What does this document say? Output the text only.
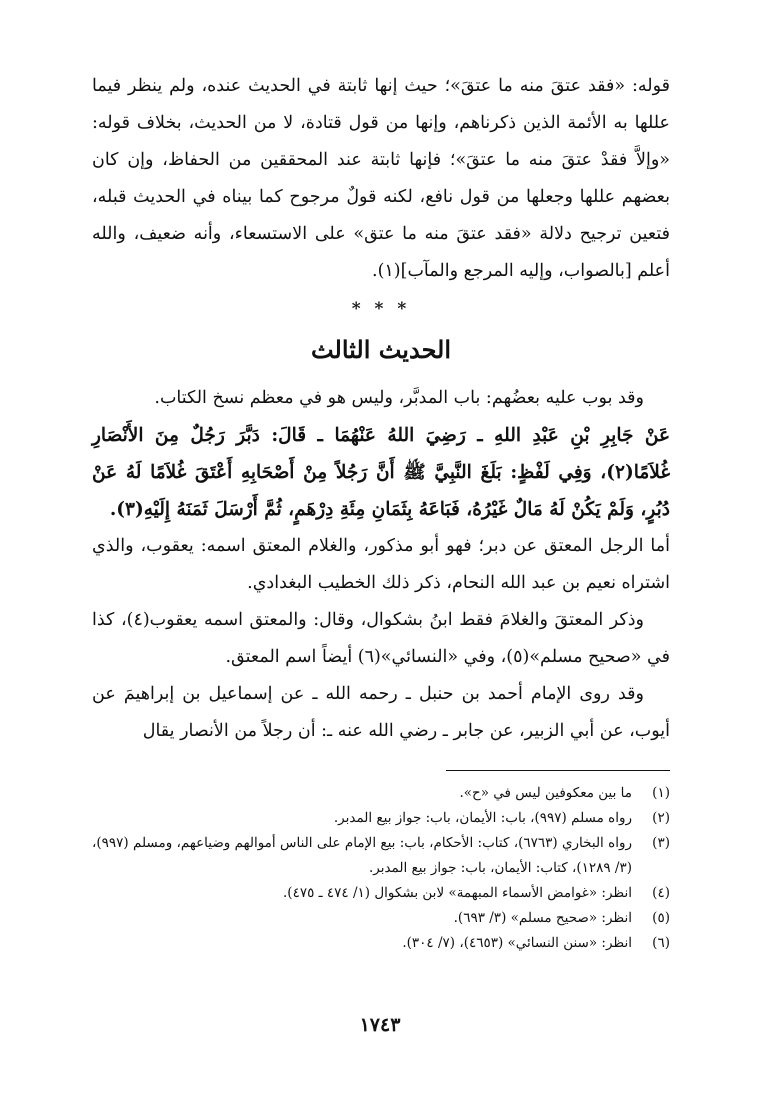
قوله: «فقد عتقَ منه ما عتقَ»؛ حيث إنها ثابتة في الحديث عنده، ولم ينظر فيما عللها به الأئمة الذين ذكرناهم، وإنها من قول قتادة، لا من الحديث، بخلاف قوله: «وإلاَّ فقدْ عتقَ منه ما عتقَ»؛ فإنها ثابتة عند المحققين من الحفاظ، وإن كان بعضهم عللها وجعلها من قول نافع، لكنه قولٌ مرجوح كما بيناه في الحديث قبله، فتعين ترجيح دلالة «فقد عتقَ منه ما عتق» على الاستسعاء، وأنه ضعيف، والله أعلم [بالصواب، وإليه المرجع والمآب](١).

* * *
الحديث الثالث

وقد بوب عليه بعضُهم: باب المدبَّر، وليس هو في معظم نسخ الكتاب.

عَنْ جَابِرِ بْنِ عَبْدِ اللهِ ـ رَضِيَ اللهُ عَنْهُمَا ـ قَالَ: دَبَّرَ رَجُلٌ مِنَ الأَنْصَارِ غُلاَمًا(٢)، وَفِي لَفْظٍ: بَلَغَ النَّبِيَّ ﷺ أَنَّ رَجُلاً مِنْ أَصْحَابِهِ أَعْتَقَ غُلاَمًا لَهُ عَنْ دُبُرٍ، وَلَمْ يَكُنْ لَهُ مَالٌ غَيْرُهُ، فَبَاعَهُ بِثَمَانِ مِئَةِ دِرْهَمٍ، ثُمَّ أَرْسَلَ ثَمَنَهُ إِلَيْهِ(٣).

أما الرجل المعتق عن دبر؛ فهو أبو مذكور، والغلام المعتق اسمه: يعقوب، والذي اشتراه نعيم بن عبد الله النحام، ذكر ذلك الخطيب البغدادي.

وذكر المعتقَ والغلامَ فقط ابنُ بشكوال، وقال: والمعتق اسمه يعقوب(٤)، كذا في «صحيح مسلم»(٥)، وفي «النسائي»(٦) أيضاً اسم المعتق.

وقد روى الإمام أحمد بن حنبل ـ رحمه الله ـ عن إسماعيل بن إبراهيمَ عن أيوب، عن أبي الزبير، عن جابر ـ رضي الله عنه ـ: أن رجلاً من الأنصار يقال

(١)
ما بين معكوفين ليس في «ح».
(٢)
رواه مسلم (٩٩٧)، باب: الأيمان، باب: جواز بيع المدبر.
(٣)
رواه البخاري (٦٧٦٣)، كتاب: الأحكام، باب: بيع الإمام على الناس أموالهم وضياعهم، ومسلم (٩٩٧)، (٣/ ١٢٨٩)، كتاب: الأيمان، باب: جواز بيع المدبر.
(٤)
انظر: «غوامض الأسماء المبهمة» لابن بشكوال (١/ ٤٧٤ ـ ٤٧٥).
(٥)
انظر: «صحيح مسلم» (٣/ ٦٩٣).
(٦)
انظر: «سنن النسائي» (٤٦٥٣)، (٧/ ٣٠٤).
١٧٤٣
